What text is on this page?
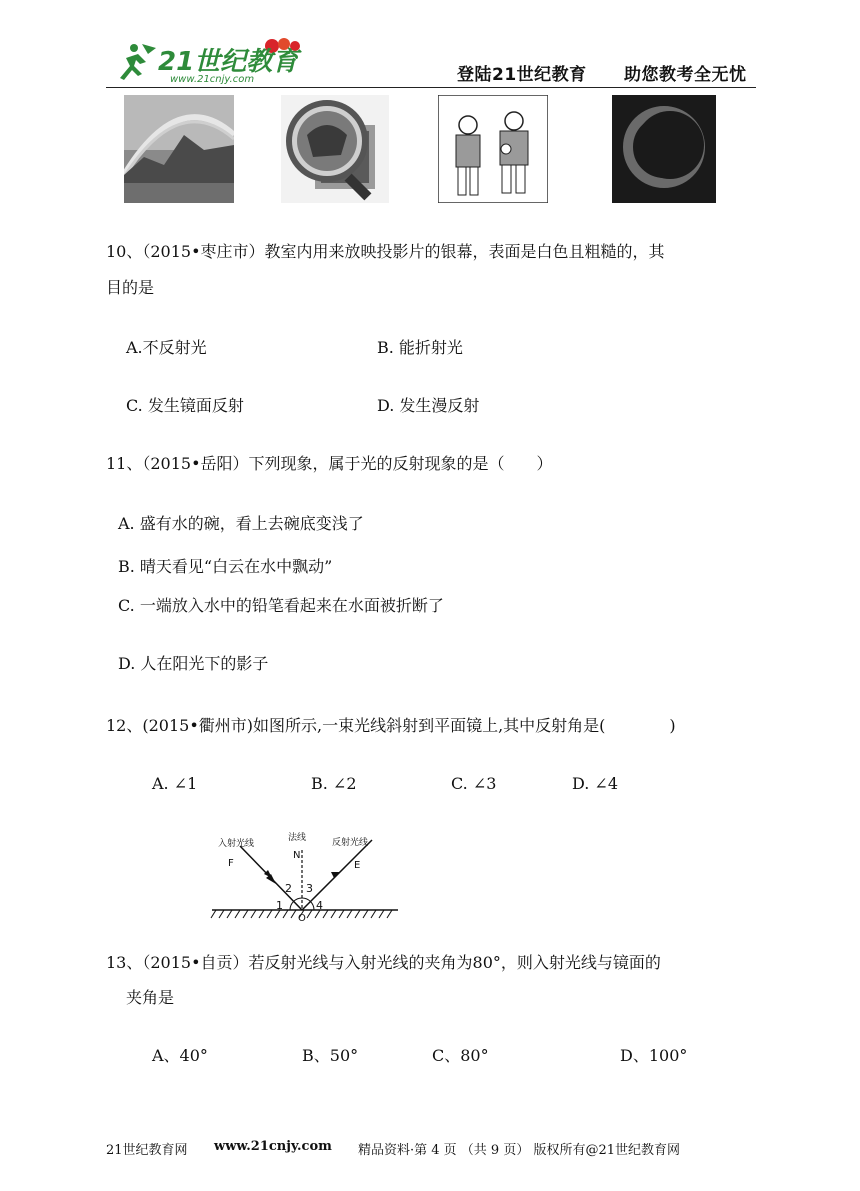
21世纪教育
www.21cnjy.com	登陆21世纪教育 助您教考全无忧
10、（2015•枣庄市）教室内用来放映投影片的银幕，表面是白色且粗糙的，其
目的是
A.不反射光	B. 能折射光
C. 发生镜面反射	D. 发生漫反射
11、（2015•岳阳）下列现象，属于光的反射现象的是（　　）
A. 盛有水的碗，看上去碗底变浅了
B. 晴天看见“白云在水中飘动”
C. 一端放入水中的铅笔看起来在水面被折断了
D. 人在阳光下的影子
12、(2015•衢州市)如图所示,一束光线斜射到平面镜上,其中反射角是(　　　　)
A. ∠1	B. ∠2	C. ∠3	D. ∠4
入射光线
F
法线
N
反射光线
E
O
2 3
1	4
13、（2015•自贡）若反射光线与入射光线的夹角为80°，则入射光线与镜面的
夹角是
A、40°	B、50°	C、80°	D、100°
21世纪教育网 www.21cnjy.com 精品资料·第 4 页 （共 9 页） 版权所有@21世纪教育网
